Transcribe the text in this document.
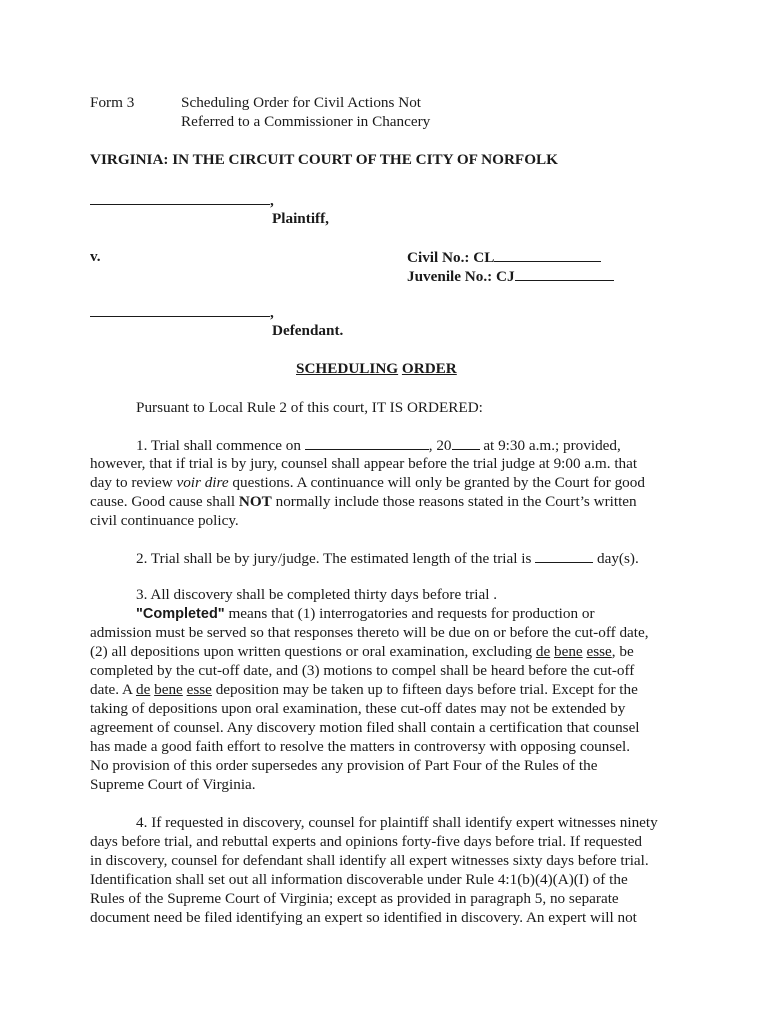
Form 3	Scheduling Order for Civil Actions Not
Referred to a Commissioner in Chancery
VIRGINIA: IN THE CIRCUIT COURT OF THE CITY OF NORFOLK
,
Plaintiff,
v.	Civil No.: CL
Juvenile No.: CJ
,
Defendant.
SCHEDULING ORDER
Pursuant to Local Rule 2 of this court, IT IS ORDERED:
1. Trial shall commence on	, 20 at 9:30 a.m.; provided,
however, that if trial is by jury, counsel shall appear before the trial judge at 9:00 a.m. that
day to review voir dire questions. A continuance will only be granted by the Court for good
cause. Good cause shall NOT normally include those reasons stated in the Court’s written
civil continuance policy.
2. Trial shall be by jury/judge. The estimated length of the trial is	day(s).
3. All discovery shall be completed thirty days before trial .
"Completed" means that (1) interrogatories and requests for production or
admission must be served so that responses thereto will be due on or before the cut-off date,
(2) all depositions upon written questions or oral examination, excluding de bene esse, be
completed by the cut-off date, and (3) motions to compel shall be heard before the cut-off
date. A de bene esse deposition may be taken up to fifteen days before trial. Except for the
taking of depositions upon oral examination, these cut-off dates may not be extended by
agreement of counsel. Any discovery motion filed shall contain a certification that counsel
has made a good faith effort to resolve the matters in controversy with opposing counsel.
No provision of this order supersedes any provision of Part Four of the Rules of the
Supreme Court of Virginia.
4. If requested in discovery, counsel for plaintiff shall identify expert witnesses ninety
days before trial, and rebuttal experts and opinions forty-five days before trial. If requested
in discovery, counsel for defendant shall identify all expert witnesses sixty days before trial.
Identification shall set out all information discoverable under Rule 4:1(b)(4)(A)(I) of the
Rules of the Supreme Court of Virginia; except as provided in paragraph 5, no separate
document need be filed identifying an expert so identified in discovery. An expert will not
